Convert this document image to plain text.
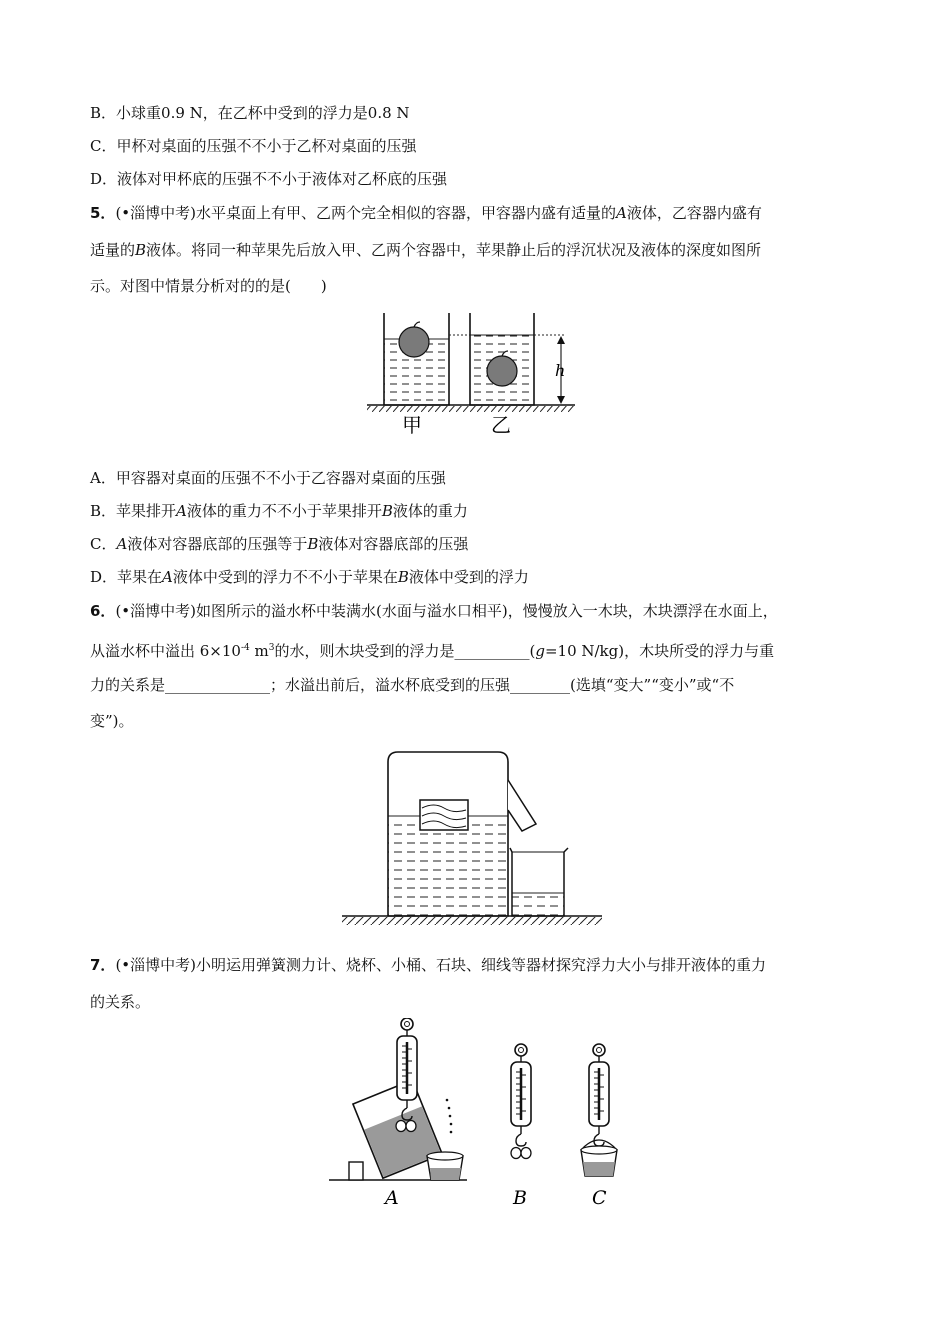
B．小球重0.9 N，在乙杯中受到的浮力是0.8 N
C．甲杯对桌面的压强不不小于乙杯对桌面的压强
D．液体对甲杯底的压强不不小于液体对乙杯底的压强
5．(•淄博中考)水平桌面上有甲、乙两个完全相似的容器，甲容器内盛有适量的A液体，乙容器内盛有
适量的B液体。将同一种苹果先后放入甲、乙两个容器中，苹果静止后的浮沉状况及液体的深度如图所
示。对图中情景分析对的的是(　　)
h
甲	乙
A．甲容器对桌面的压强不不小于乙容器对桌面的压强
B．苹果排开A液体的重力不不小于苹果排开B液体的重力
C．A液体对容器底部的压强等于B液体对容器底部的压强
D．苹果在A液体中受到的浮力不不小于苹果在B液体中受到的浮力
6．(•淄博中考)如图所示的溢水杯中装满水(水面与溢水口相平)，慢慢放入一木块，木块漂浮在水面上，
从溢水杯中溢出 $6\times 10^{-4}$ $m^3$的水，则木块受到的浮力是__________(g=10 N/kg)，木块所受的浮力与重
力的关系是______________；水溢出前后，溢水杯底受到的压强________(选填“变大”“变小”或“不
变”)。
7．(•淄博中考)小明运用弹簧测力计、烧杯、小桶、石块、细线等器材探究浮力大小与排开液体的重力
的关系。
A	B	C
